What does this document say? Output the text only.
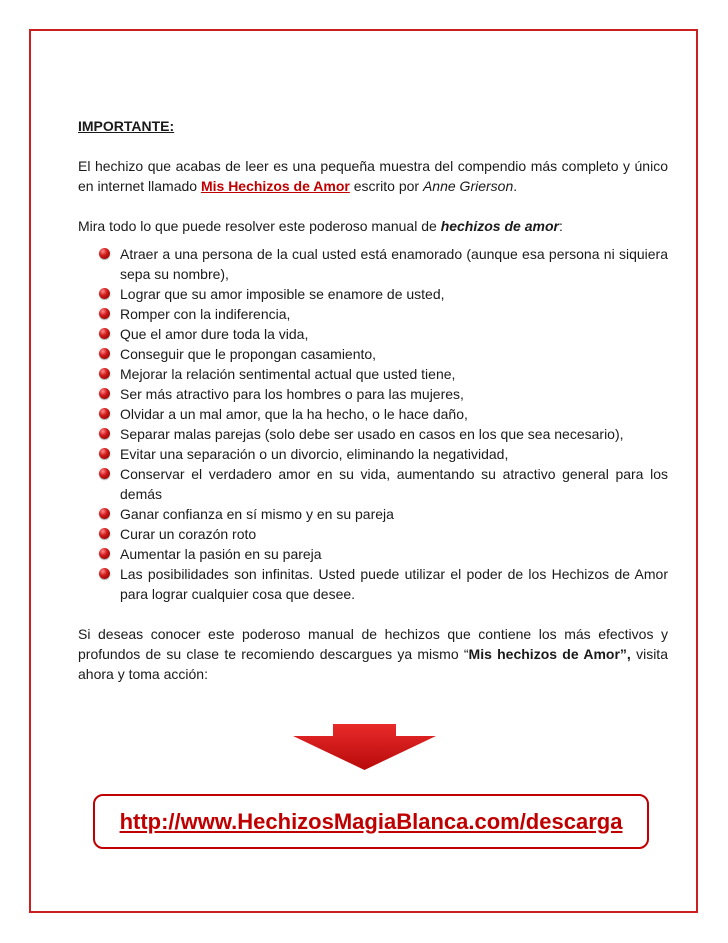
IMPORTANTE:

El hechizo que acabas de leer es una pequeña muestra del compendio más completo y único en internet llamado Mis Hechizos de Amor escrito por Anne Grierson.

Mira todo lo que puede resolver este poderoso manual de hechizos de amor:

Atraer a una persona de la cual usted está enamorado (aunque esa persona ni siquiera sepa su nombre),
Lograr que su amor imposible se enamore de usted,
Romper con la indiferencia,
Que el amor dure toda la vida,
Conseguir que le propongan casamiento,
Mejorar la relación sentimental actual que usted tiene,
Ser más atractivo para los hombres o para las mujeres,
Olvidar a un mal amor, que la ha hecho, o le hace daño,
Separar malas parejas (solo debe ser usado en casos en los que sea necesario),
Evitar una separación o un divorcio, eliminando la negatividad,
Conservar el verdadero amor en su vida, aumentando su atractivo general para los demás
Ganar confianza en sí mismo y en su pareja
Curar un corazón roto
Aumentar la pasión en su pareja
Las posibilidades son infinitas. Usted puede utilizar el poder de los Hechizos de Amor para lograr cualquier cosa que desee.

Si deseas conocer este poderoso manual de hechizos que contiene los más efectivos y profundos de su clase te recomiendo descargues ya mismo “Mis hechizos de Amor”, visita ahora y toma acción:

http://www.HechizosMagiaBlanca.com/descarga
